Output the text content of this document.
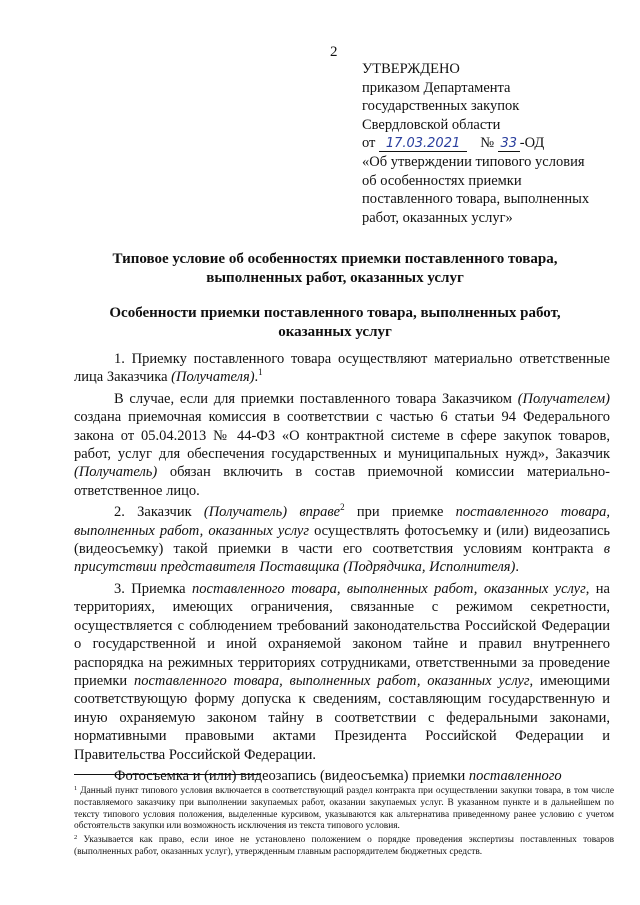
2
УТВЕРЖДЕНО
приказом Департамента
государственных закупок
Свердловской области
от 17.03.2021 № 33 -ОД
«Об утверждении типового условия
об особенностях приемки
поставленного товара, выполненных
работ, оказанных услуг»
Типовое условие об особенностях приемки поставленного товара, выполненных работ, оказанных услуг
Особенности приемки поставленного товара, выполненных работ, оказанных услуг

1. Приемку поставленного товара осуществляют материально ответственные лица Заказчика (Получателя).$^1$

В случае, если для приемки поставленного товара Заказчиком (Получателем) создана приемочная комиссия в соответствии с частью 6 статьи 94 Федерального закона от 05.04.2013 № 44-ФЗ «О контрактной системе в сфере закупок товаров, работ, услуг для обеспечения государственных и муниципальных нужд», Заказчик (Получатель) обязан включить в состав приемочной комиссии материально-ответственное лицо.

2. Заказчик (Получатель) вправе$^2$ при приемке поставленного товара, выполненных работ, оказанных услуг осуществлять фотосъемку и (или) видеозапись (видеосъемку) такой приемки в части его соответствия условиям контракта в присутствии представителя Поставщика (Подрядчика, Исполнителя).

3. Приемка поставленного товара, выполненных работ, оказанных услуг, на территориях, имеющих ограничения, связанные с режимом секретности, осуществляется с соблюдением требований законодательства Российской Федерации о государственной и иной охраняемой законом тайне и правил внутреннего распорядка на режимных территориях сотрудниками, ответственными за проведение приемки поставленного товара, выполненных работ, оказанных услуг, имеющими соответствующую форму допуска к сведениям, составляющим государственную и иную охраняемую законом тайну в соответствии с федеральными законами, нормативными правовыми актами Президента Российской Федерации и Правительства Российской Федерации.

Фотосъемка и (или) видеозапись (видеосъемка) приемки поставленного

$^1$ Данный пункт типового условия включается в соответствующий раздел контракта при осуществлении закупки товара, в том числе поставляемого заказчику при выполнении закупаемых работ, оказании закупаемых услуг. В указанном пункте и в дальнейшем по тексту типового условия положения, выделенные курсивом, указываются как альтернатива приведенному ранее условию с учетом обстоятельств закупки или возможность исключения из текста типового условия.

$^2$ Указывается как право, если иное не установлено положением о порядке проведения экспертизы поставленных товаров (выполненных работ, оказанных услуг), утвержденным главным распорядителем бюджетных средств.
